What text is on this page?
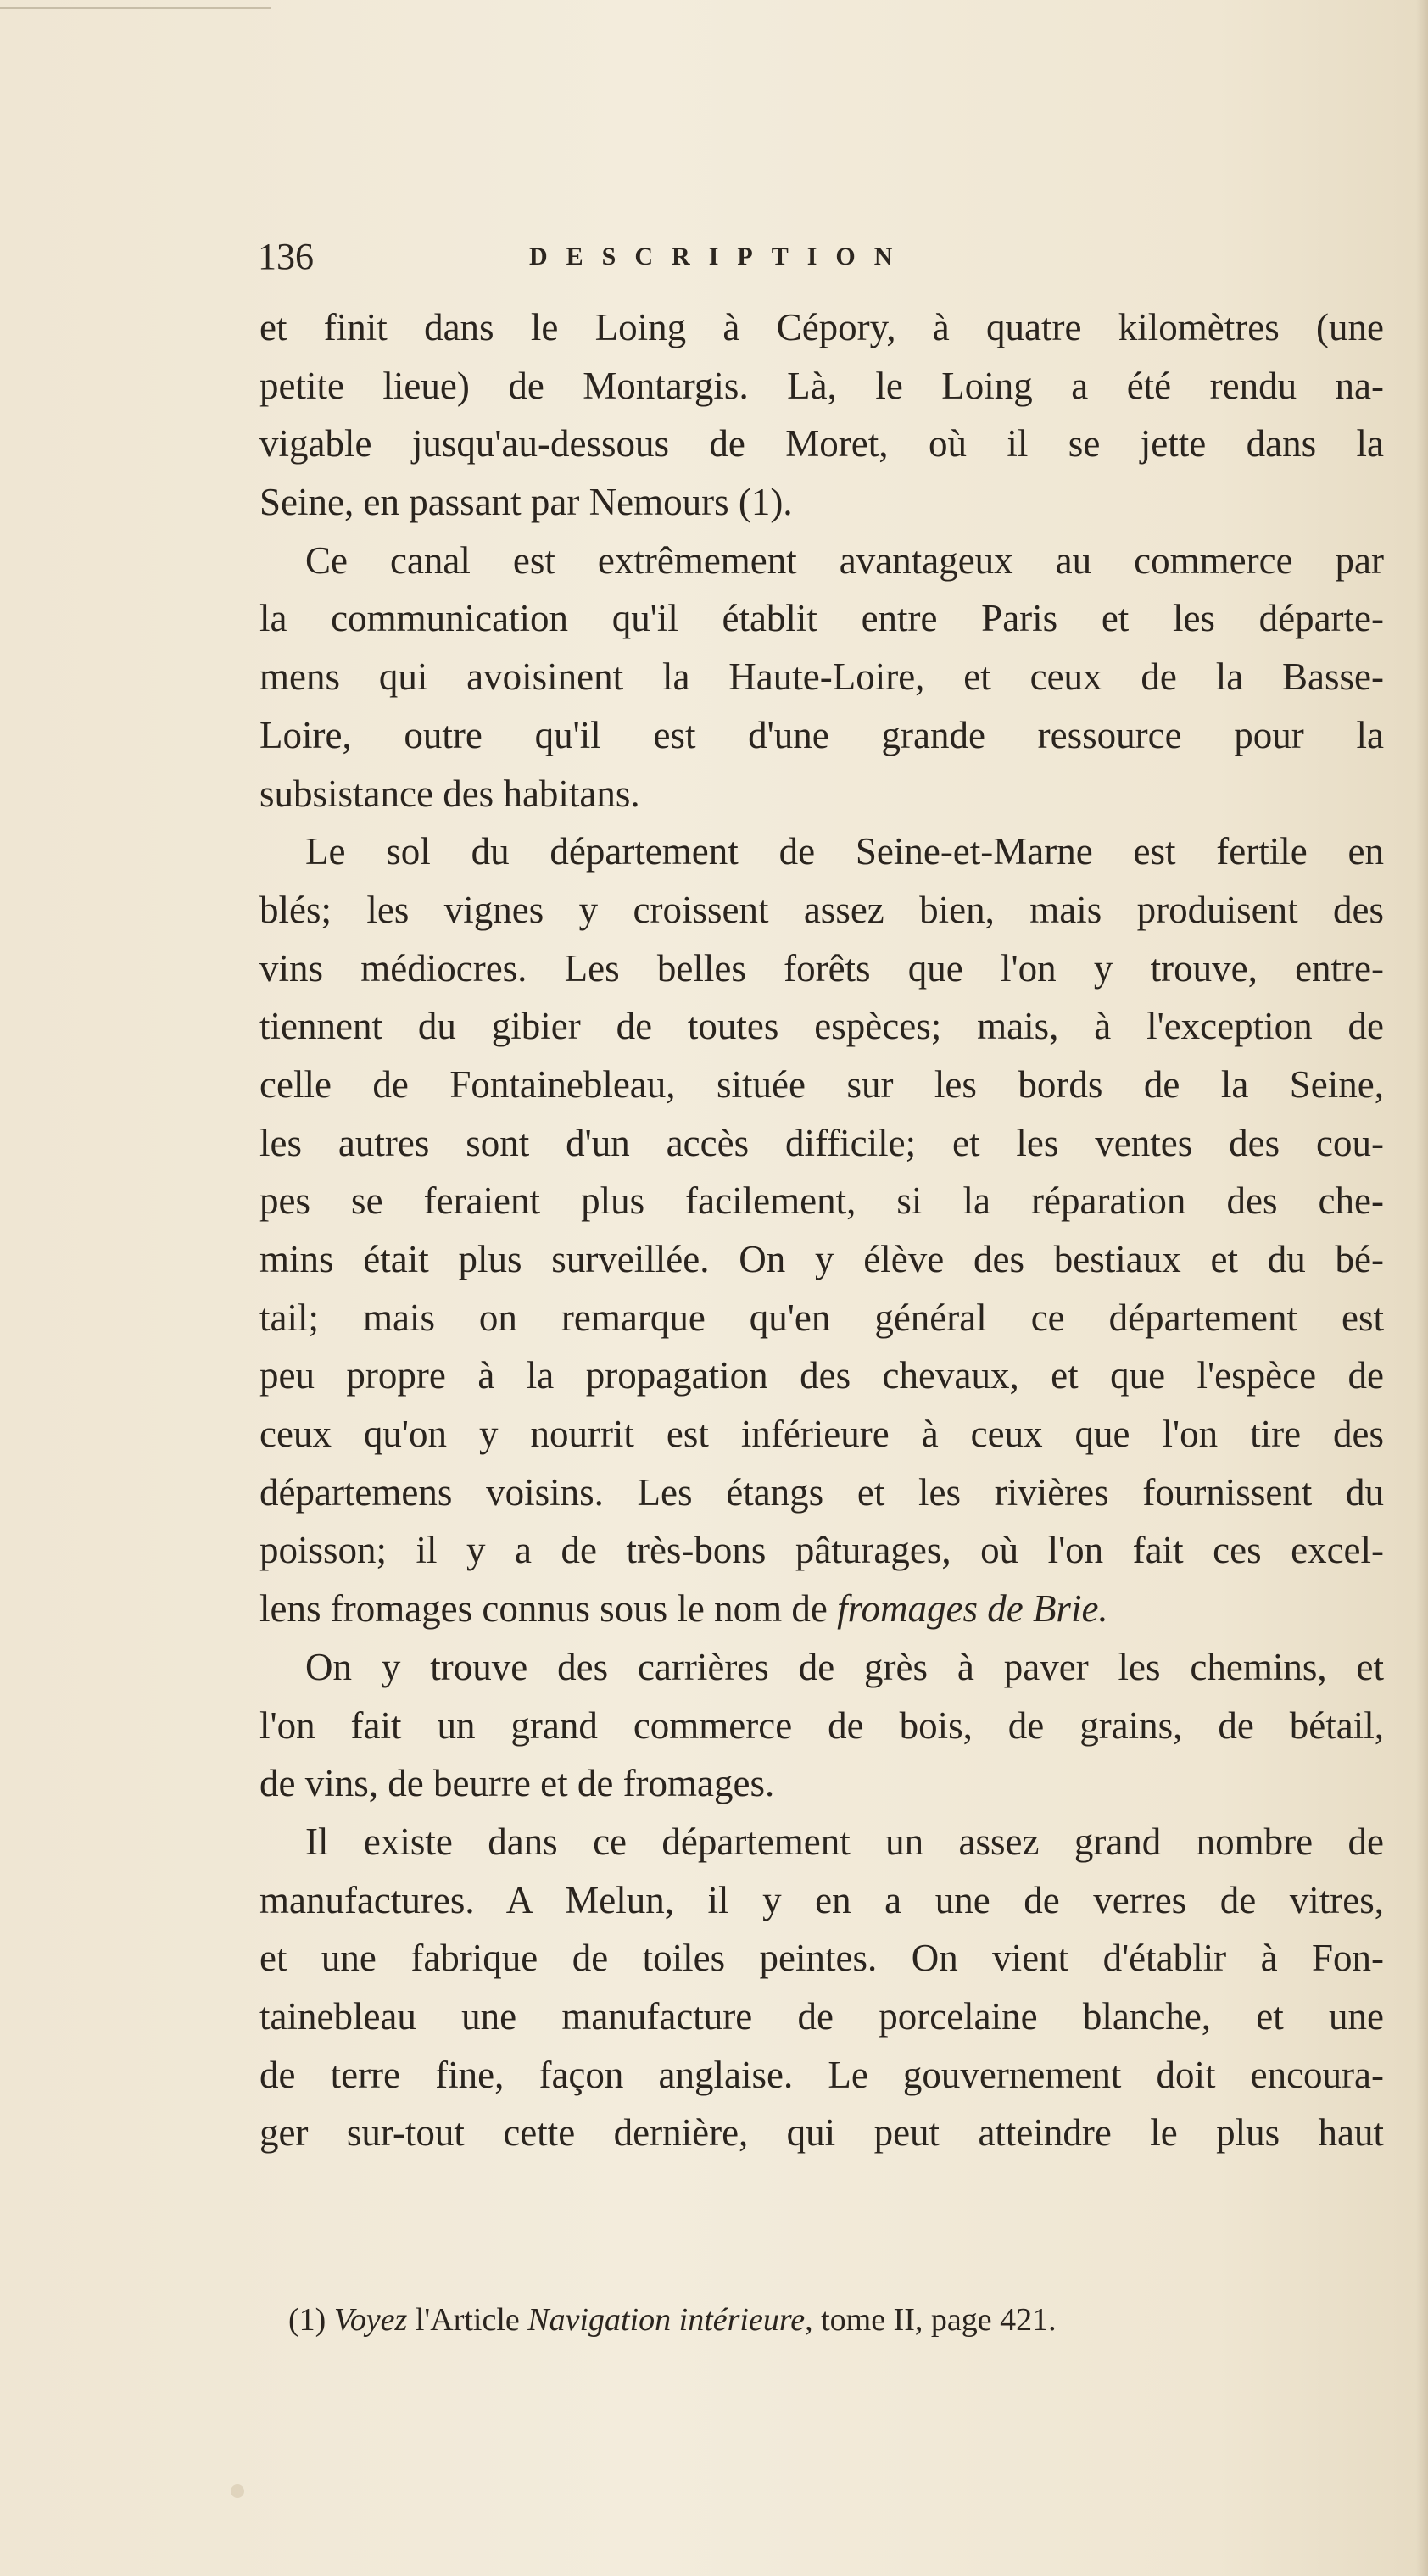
136	DESCRIPTION
et finit dans le Loing à Cépory, à quatre kilomètres (une
petite lieue) de Montargis. Là, le Loing a été rendu na-
vigable jusqu'au-dessous de Moret, où il se jette dans la
Seine, en passant par Nemours (1).
Ce canal est extrêmement avantageux au commerce par
la communication qu'il établit entre Paris et les départe-
mens qui avoisinent la Haute-Loire, et ceux de la Basse-
Loire, outre qu'il est d'une grande ressource pour la
subsistance des habitans.
Le sol du département de Seine-et-Marne est fertile en
blés; les vignes y croissent assez bien, mais produisent des
vins médiocres. Les belles forêts que l'on y trouve, entre-
tiennent du gibier de toutes espèces; mais, à l'exception de
celle de Fontainebleau, située sur les bords de la Seine,
les autres sont d'un accès difficile; et les ventes des cou-
pes se feraient plus facilement, si la réparation des che-
mins était plus surveillée. On y élève des bestiaux et du bé-
tail; mais on remarque qu'en général ce département est
peu propre à la propagation des chevaux, et que l'espèce de
ceux qu'on y nourrit est inférieure à ceux que l'on tire des
départemens voisins. Les étangs et les rivières fournissent du
poisson; il y a de très-bons pâturages, où l'on fait ces excel-
lens fromages connus sous le nom de fromages de Brie.
On y trouve des carrières de grès à paver les chemins, et
l'on fait un grand commerce de bois, de grains, de bétail,
de vins, de beurre et de fromages.
Il existe dans ce département un assez grand nombre de
manufactures. A Melun, il y en a une de verres de vitres,
et une fabrique de toiles peintes. On vient d'établir à Fon-
tainebleau une manufacture de porcelaine blanche, et une
de terre fine, façon anglaise. Le gouvernement doit encoura-
ger sur-tout cette dernière, qui peut atteindre le plus haut
(1) Voyez l'Article Navigation intérieure, tome II, page 421.
